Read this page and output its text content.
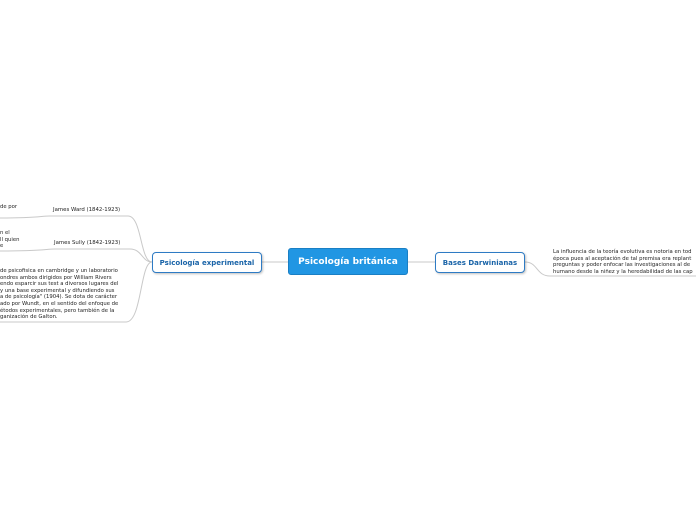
Psicología británica
Psicología experimental	Bases Darwinianas
James Ward (1842-1923)
de por
James Sully (1842-1923)
n el
ll quien
e
de psicofisica en cambridge y un laboratorio
ondres ambos dirigidos por William Rivers
endo esparcir sus test a diversos lugares del
y una base experimental y difundiendo sus
a de psicología" (1904). Se dota de carácter
ado por Wundt, en el sentido del enfoque de
étodos experimentales, pero también de la
ganización de Galton.
La influencia de la teoría evolutiva es notoria en tod
época pues al aceptación de tal premisa era replant
preguntas y poder enfocar las investigaciones al de
humano desde la niñez y la heredabilidad de las cap
